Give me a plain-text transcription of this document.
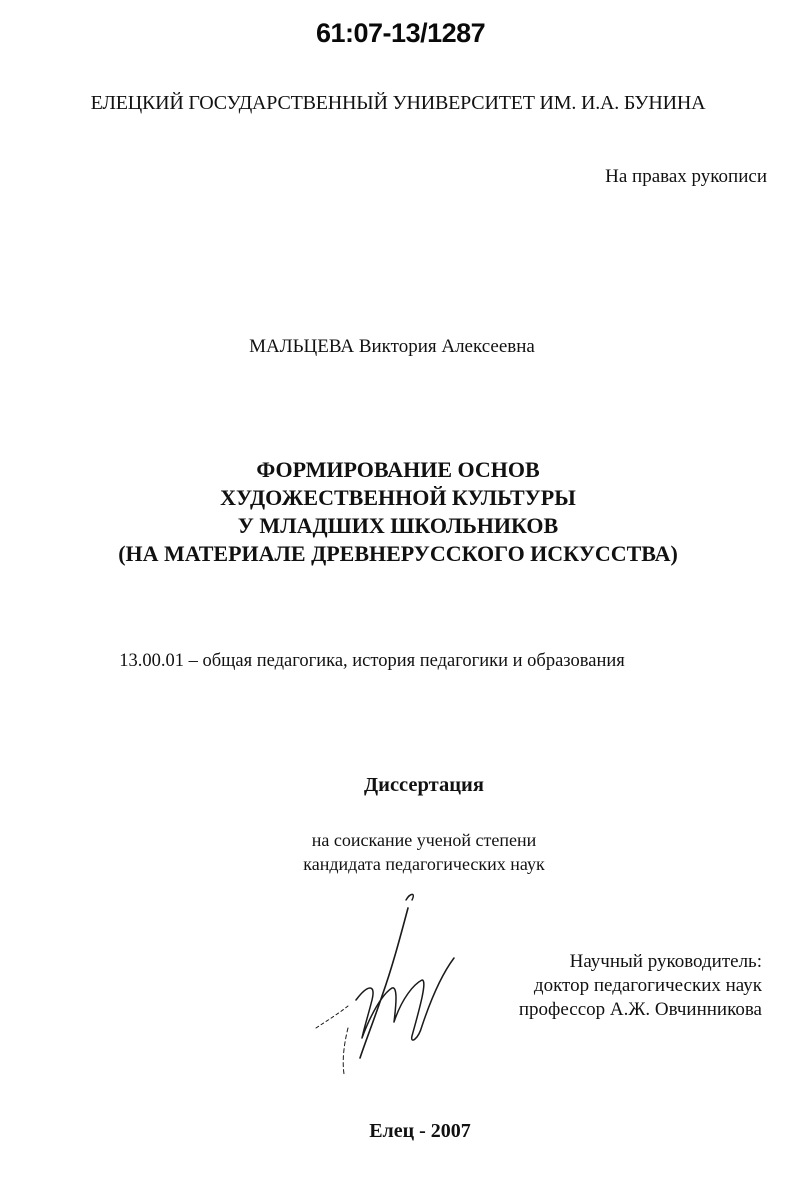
61:07-13/1287
ЕЛЕЦКИЙ ГОСУДАРСТВЕННЫЙ УНИВЕРСИТЕТ ИМ. И.А. БУНИНА
На правах рукописи
МАЛЬЦЕВА Виктория Алексеевна
ФОРМИРОВАНИЕ ОСНОВ
ХУДОЖЕСТВЕННОЙ КУЛЬТУРЫ
У МЛАДШИХ ШКОЛЬНИКОВ
(НА МАТЕРИАЛЕ ДРЕВНЕРУССКОГО ИСКУССТВА)
13.00.01 – общая педагогика, история педагогики и образования
Диссертация
на соискание ученой степени
кандидата педагогических наук
Научный руководитель:
доктор педагогических наук
профессор А.Ж. Овчинникова
Елец - 2007
